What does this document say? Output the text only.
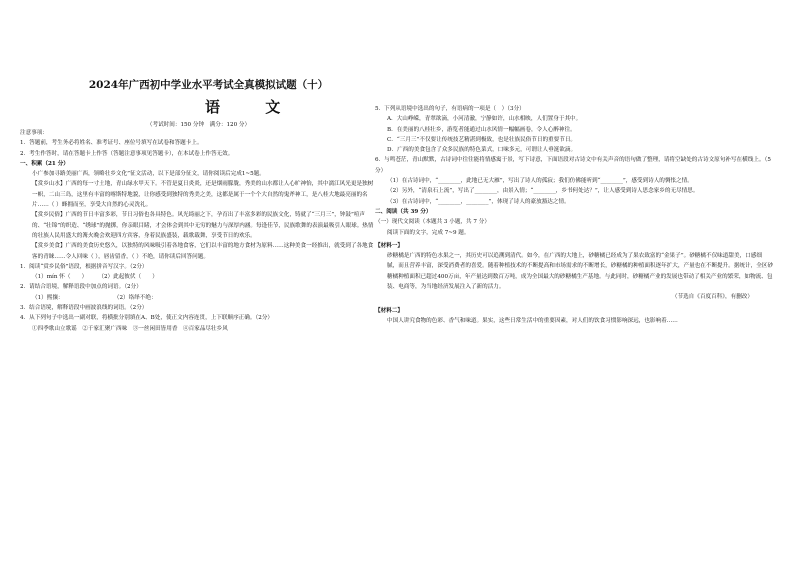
2024年广西初中学业水平考试全真模拟试题（十）
语 文
（考试时间：150 分钟　满分：120 分）
注意事项：
1．答题前，考生务必将姓名、准考证号、座位号填写在试卷和答题卡上。
2．考生作答时，请在答题卡上作答（答题注意事项见答题卡），在本试卷上作答无效。
一、积累（21 分）
小广参加寻路美丽广西，领略壮乡文化”征文活动，以下是部分征文，请你阅读后完成1~5题。
【赏乡山水】广西的每一寸土地，青山绿水甲天下。不管是夏日炎炎，还是烟雨朦胧，秀美的山水都让人心旷神怡，其中漓江风光更是独树一帜，二山三岛，这里有丰富的喀斯特地貌，让你感受到独特的秀美之美，这都是属于一个个大自然的鬼斧神工，是八桂大地最亮丽的名片……（ ）蜂拥而至，享受大自然的心灵洗礼。
【赏乡民俗】广西的节日丰富多彩，节日习俗也各具特色。风光绮丽之下，孕育出了丰富多彩的民族文化，铸就了“三月三”，钟鼓”喧声的、“壮锦”的织造、“绣球”的抛掷，你亲眼目睹，才会体会到其中无穷的魅力与深厚内涵。每逢佳节，民族歌舞的表演最吸引人眼球。热情的壮族人民用盛大的篝火晚会欢迎四方宾客，身着民族盛装，载歌载舞，享受节日的欢乐。
【赏乡美食】广西的美食历史悠久，以独特的风味吸引着各地食客，它们以丰富的地方食材为原料……这种美食一经推出，就受到了各地食客的青睐……令人回味（ ），唇齿留香，（ ）不绝，请你读后回答问题。
1．阅读“赏乡民俗”语段，根据拼音写汉字。（2分）
（1）mín 怀（　　）　　　（2）此起彼伏（　　）
2．请结合语境，解释语段中加点的词语。（2分）
（1）熙攘：　　　　　　　　　　（2）络绎不绝：
3．结合语境，解释语段中画波浪线的词语。（2分）
4．从下列句子中选出一副对联，将横批分别填在A、B处，使正文内容连贯，上下联顺序正确。（2分）
①四季歌山立歌谣　②千家汇聚广西味　③一丝闲田皆用香　④百家品尽壮乡风
5．下列从语境中选出的句子，有语病的一项是（　）（3分）
A．大山峥嵘，青翠欲滴，小河清澈，宁静如许，山水相映，人们置身于其中。
B．在美丽的八桂壮乡，游览者能通过山水风情一幅幅画卷，令人心醉神往。
C．“三月三”不仅要让传统技艺精湛到极致，也是壮族民俗节日的重要节日。
D．广西的美食包含了众多民族的特色菜式，口味多元，可谓让人垂涎欲滴。
6．与鸣苍茫，青山默默，古诗词中往往能将情感寓于景，写下诗意，下面语段对古诗文中有关声音的语句做了整理，请将空缺处的古诗文原句补写在横线上。（5分）
（1）在古诗词中，“________，此地已无大雁”，写出了诗人的孤寂；我们仿佛能听到“________”，感受到诗人的惆怅之情。
（2）另外，“清泉石上流”，写出了________，由景入情；“________，乡书何处达？”，让人感受到诗人思念家乡的无尽情思。
（3）在古诗词中，“________，________”，体现了诗人的豪放豁达之情。
二、阅读（共 39 分）
（一）现代文阅读（本题共 3 小题，共 7 分）
阅读下面的文字，完成 7~9 题。
【材料一】
砂糖橘是广西的特色水果之一，其历史可以追溯到清代。如今，在广西的大地上，砂糖橘已经成为了果农致富的“金果子”。砂糖橘不仅味道甜美，口感细腻，而且营养丰富，深受消费者的喜爱。随着种植技术的不断提高和市场需求的不断增长，砂糖橘的种植面积逐年扩大，产量也在不断提升。据统计，全区砂糖橘种植面积已超过400万亩，年产量达到数百万吨，成为全国最大的砂糖橘生产基地。与此同时，砂糖橘产业的发展也带动了相关产业的繁荣，如物流、包装、电商等，为当地经济发展注入了新的活力。
（节选自《百度百科》，有删改）
【材料二】
中国人讲究食物的色彩、香气和味道。果实，这些日常生活中的重要因素，对人们的饮食习惯影响深远，也影响着……
